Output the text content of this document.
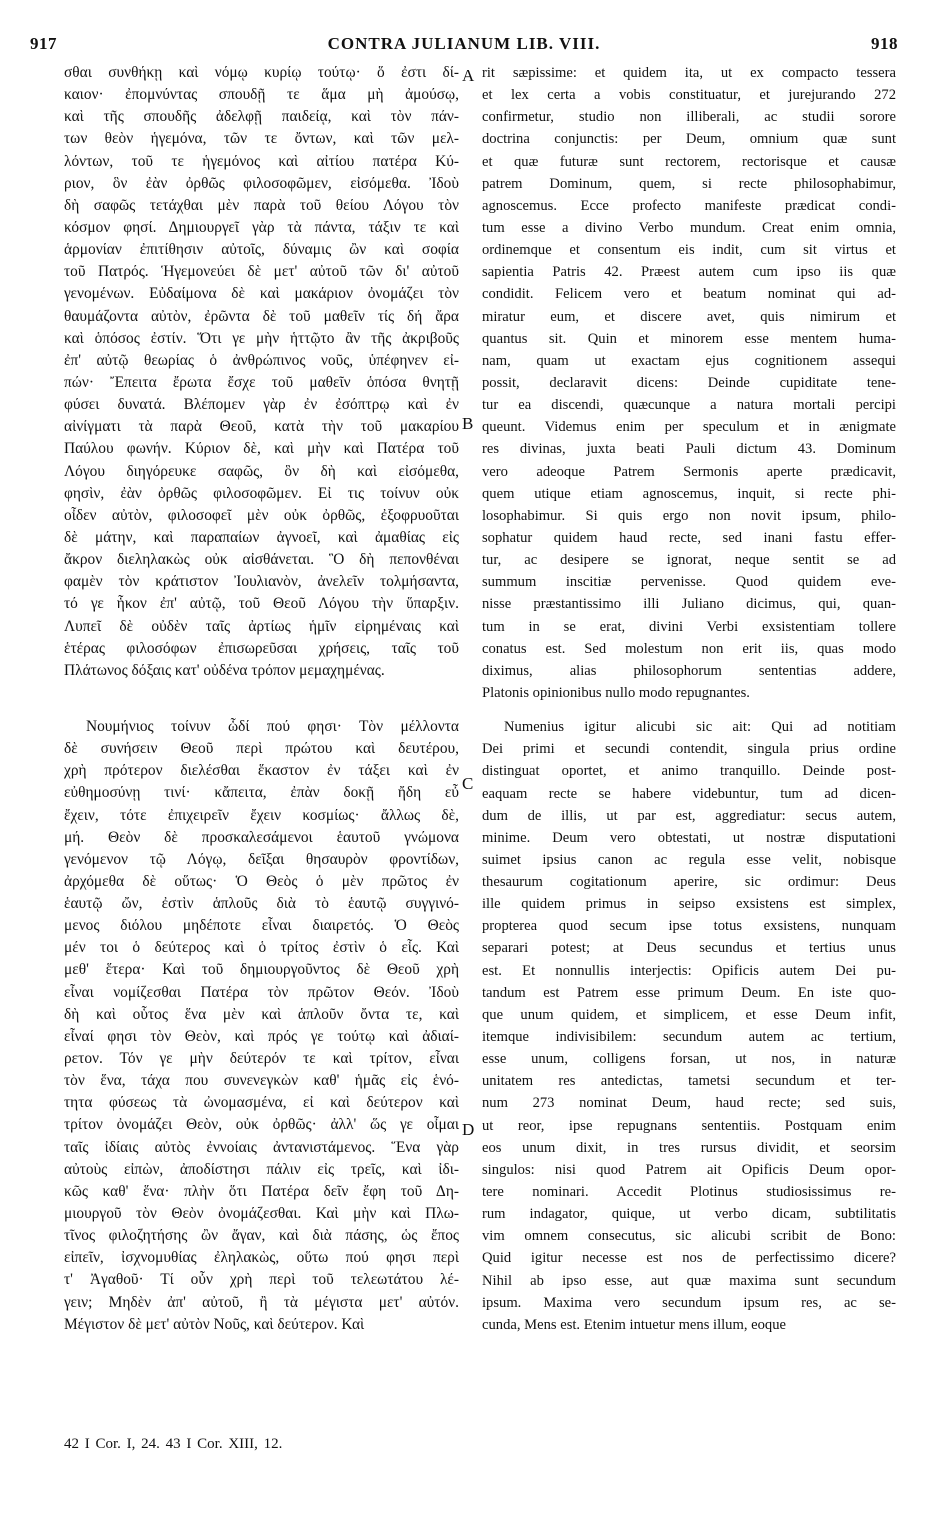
917	CONTRA JULIANUM LIB. VIII.	918
A
B
C
D
σθαι συνθήκῃ καὶ νόμῳ κυρίῳ τούτῳ· ὅ ἐστι δί-
καιον· ἐπομνύντας σπουδῇ τε ἅμα μὴ ἀμούσῳ,
καὶ τῆς σπουδῆς ἀδελφῇ παιδείᾳ, καὶ τὸν πάν-
των θεὸν ἡγεμόνα, τῶν τε ὄντων, καὶ τῶν μελ-
λόντων, τοῦ τε ἡγεμόνος καὶ αἰτίου πατέρα Κύ-
ριον, ὃν ἐὰν ὀρθῶς φιλοσοφῶμεν, εἰσόμεθα. Ἰδοὺ
δὴ σαφῶς τετάχθαι μὲν παρὰ τοῦ θείου Λόγου τὸν
κόσμον φησί. Δημιουργεῖ γὰρ τὰ πάντα, τάξιν τε καὶ
ἁρμονίαν ἐπιτίθησιν αὐτοῖς, δύναμις ὢν καὶ σοφία
τοῦ Πατρός. Ἡγεμονεύει δὲ μετ' αὐτοῦ τῶν δι' αὐτοῦ
γενομένων. Εὐδαίμονα δὲ καὶ μακάριον ὀνομάζει τὸν
θαυμάζοντα αὐτὸν, ἐρῶντα δὲ τοῦ μαθεῖν τίς δή ἄρα
καὶ ὁπόσος ἐστίν. Ὅτι γε μὴν ἡττῷτο ἂν τῆς ἀκριβοῦς
ἐπ' αὐτῷ θεωρίας ὁ ἀνθρώπινος νοῦς, ὑπέφηνεν εἰ-
πών· Ἔπειτα ἔρωτα ἔσχε τοῦ μαθεῖν ὁπόσα θνητῇ
φύσει δυνατά. Βλέπομεν γὰρ ἐν ἐσόπτρῳ καὶ ἐν
αἰνίγματι τὰ παρὰ Θεοῦ, κατὰ τὴν τοῦ μακαρίου
Παύλου φωνήν. Κύριον δὲ, καὶ μὴν καὶ Πατέρα τοῦ
Λόγου διηγόρευκε σαφῶς, ὃν δὴ καὶ εἰσόμεθα,
φησὶν, ἐὰν ὀρθῶς φιλοσοφῶμεν. Εἰ τις τοίνυν οὐκ
οἶδεν αὐτὸν, φιλοσοφεῖ μὲν οὐκ ὀρθῶς, ἐξοφρυοῦται
δὲ μάτην, καὶ παραπαίων ἀγνοεῖ, καὶ ἀμαθίας εἰς
ἄκρον διεληλακὼς οὐκ αἰσθάνεται. Ὃ δὴ πεπονθέναι
φαμὲν τὸν κράτιστον Ἰουλιανὸν, ἀνελεῖν τολμήσαντα,
τό γε ἧκον ἐπ' αὐτῷ, τοῦ Θεοῦ Λόγου τὴν ὕπαρξιν.
Λυπεῖ δὲ οὐδὲν ταῖς ἀρτίως ἡμῖν εἰρημέναις καὶ
ἑτέρας φιλοσόφων ἐπισωρεῦσαι χρήσεις, ταῖς τοῦ
Πλάτωνος δόξαις κατ' οὐδένα τρόπον μεμαχημένας.
Νουμήνιος τοίνυν ὧδί πού φησι· Τὸν μέλλοντα
δὲ συνήσειν Θεοῦ περὶ πρώτου καὶ δευτέρου,
χρὴ πρότερον διελέσθαι ἕκαστον ἐν τάξει καὶ ἐν
εὐθημοσύνῃ τινί· κἄπειτα, ἐπὰν δοκῇ ἤδη εὖ
ἔχειν, τότε ἐπιχειρεῖν ἔχειν κοσμίως· ἄλλως δὲ,
μή. Θεὸν δὲ προσκαλεσάμενοι ἑαυτοῦ γνώμονα
γενόμενον τῷ Λόγῳ, δεῖξαι θησαυρὸν φροντίδων,
ἀρχόμεθα δὲ οὕτως· Ὁ Θεὸς ὁ μὲν πρῶτος ἐν
ἑαυτῷ ὤν, ἐστὶν ἁπλοῦς διὰ τὸ ἑαυτῷ συγγινό-
μενος διόλου μηδέποτε εἶναι διαιρετός. Ὁ Θεὸς
μέν τοι ὁ δεύτερος καὶ ὁ τρίτος ἐστὶν ὁ εἷς. Καὶ
μεθ' ἕτερα· Καὶ τοῦ δημιουργοῦντος δὲ Θεοῦ χρὴ
εἶναι νομίζεσθαι Πατέρα τὸν πρῶτον Θεόν. Ἰδοὺ
δὴ καὶ οὗτος ἕνα μὲν καὶ ἁπλοῦν ὄντα τε, καὶ
εἶναί φησι τὸν Θεὸν, καὶ πρός γε τούτῳ καὶ ἀδιαί-
ρετον. Τόν γε μὴν δεύτερόν τε καὶ τρίτον, εἶναι
τὸν ἕνα, τάχα που συνενεγκὼν καθ' ἡμᾶς εἰς ἑνό-
τητα φύσεως τὰ ὠνομασμένα, εἰ καὶ δεύτερον καὶ
τρίτον ὀνομάζει Θεὸν, οὐκ ὀρθῶς· ἀλλ' ὥς γε οἶμαι
ταῖς ἰδίαις αὐτὸς ἐννοίαις ἀντανιστάμενος. Ἕνα γὰρ
αὐτοὺς εἰπὼν, ἀποδίστησι πάλιν εἰς τρεῖς, καὶ ἰδι-
κῶς καθ' ἕνα· πλὴν ὅτι Πατέρα δεῖν ἔφη τοῦ Δη-
μιουργοῦ τὸν Θεὸν ὀνομάζεσθαι. Καὶ μὴν καὶ Πλω-
τῖνος φιλοζητήσης ὢν ἄγαν, καὶ διὰ πάσης, ὡς ἔπος
εἰπεῖν, ἰσχνομυθίας ἐληλακὼς, οὕτω πού φησι περὶ
τ' Ἀγαθοῦ· Τί οὖν χρὴ περὶ τοῦ τελεωτάτου λέ-
γειν; Μηδὲν ἀπ' αὐτοῦ, ἢ τὰ μέγιστα μετ' αὐτόν.
Μέγιστον δὲ μετ' αὐτὸν Νοῦς, καὶ δεύτερον. Καὶ
rit sæpissime: et quidem ita, ut ex compacto tessera
et lex certa a vobis constituatur, et jurejurando 272
confirmetur, studio non illiberali, ac studii sorore
doctrina conjunctis: per Deum, omnium quæ sunt
et quæ futuræ sunt rectorem, rectorisque et causæ
patrem Dominum, quem, si recte philosophabimur,
agnoscemus. Ecce profecto manifeste prædicat condi-
tum esse a divino Verbo mundum. Creat enim omnia,
ordinemque et consentum eis indit, cum sit virtus et
sapientia Patris 42. Præest autem cum ipso iis quæ
condidit. Felicem vero et beatum nominat qui ad-
miratur eum, et discere avet, quis nimirum et
quantus sit. Quin et minorem esse mentem huma-
nam, quam ut exactam ejus cognitionem assequi
possit, declaravit dicens: Deinde cupiditate tene-
tur ea discendi, quæcunque a natura mortali percipi
queunt. Videmus enim per speculum et in ænigmate
res divinas, juxta beati Pauli dictum 43. Dominum
vero adeoque Patrem Sermonis aperte prædicavit,
quem utique etiam agnoscemus, inquit, si recte phi-
losophabimur. Si quis ergo non novit ipsum, philo-
sophatur quidem haud recte, sed inani fastu effer-
tur, ac desipere se ignorat, neque sentit se ad
summum inscitiæ pervenisse. Quod quidem eve-
nisse præstantissimo illi Juliano dicimus, qui, quan-
tum in se erat, divini Verbi exsistentiam tollere
conatus est. Sed molestum non erit iis, quas modo
diximus, alias philosophorum sententias addere,
Platonis opinionibus nullo modo repugnantes.
Numenius igitur alicubi sic ait: Qui ad notitiam
Dei primi et secundi contendit, singula prius ordine
distinguat oportet, et animo tranquillo. Deinde post-
eaquam recte se habere videbuntur, tum ad dicen-
dum de illis, ut par est, aggrediatur: secus autem,
minime. Deum vero obtestati, ut nostræ disputationi
suimet ipsius canon ac regula esse velit, nobisque
thesaurum cogitationum aperire, sic ordimur: Deus
ille quidem primus in seipso exsistens est simplex,
propterea quod secum ipse totus exsistens, nunquam
separari potest; at Deus secundus et tertius unus
est. Et nonnullis interjectis: Opificis autem Dei pu-
tandum est Patrem esse primum Deum. En iste quo-
que unum quidem, et simplicem, et esse Deum infit,
itemque indivisibilem: secundum autem ac tertium,
esse unum, colligens forsan, ut nos, in naturæ
unitatem res antedictas, tametsi secundum et ter-
num 273 nominat Deum, haud recte; sed suis,
ut reor, ipse repugnans sententiis. Postquam enim
eos unum dixit, in tres rursus dividit, et seorsim
singulos: nisi quod Patrem ait Opificis Deum opor-
tere nominari. Accedit Plotinus studiosissimus re-
rum indagator, quique, ut verbo dicam, subtilitatis
vim omnem consecutus, sic alicubi scribit de Bono:
Quid igitur necesse est nos de perfectissimo dicere?
Nihil ab ipso esse, aut quæ maxima sunt secundum
ipsum. Maxima vero secundum ipsum res, ac se-
cunda, Mens est. Etenim intuetur mens illum, eoque
42 I Cor. I, 24. 43 I Cor. XIII, 12.
